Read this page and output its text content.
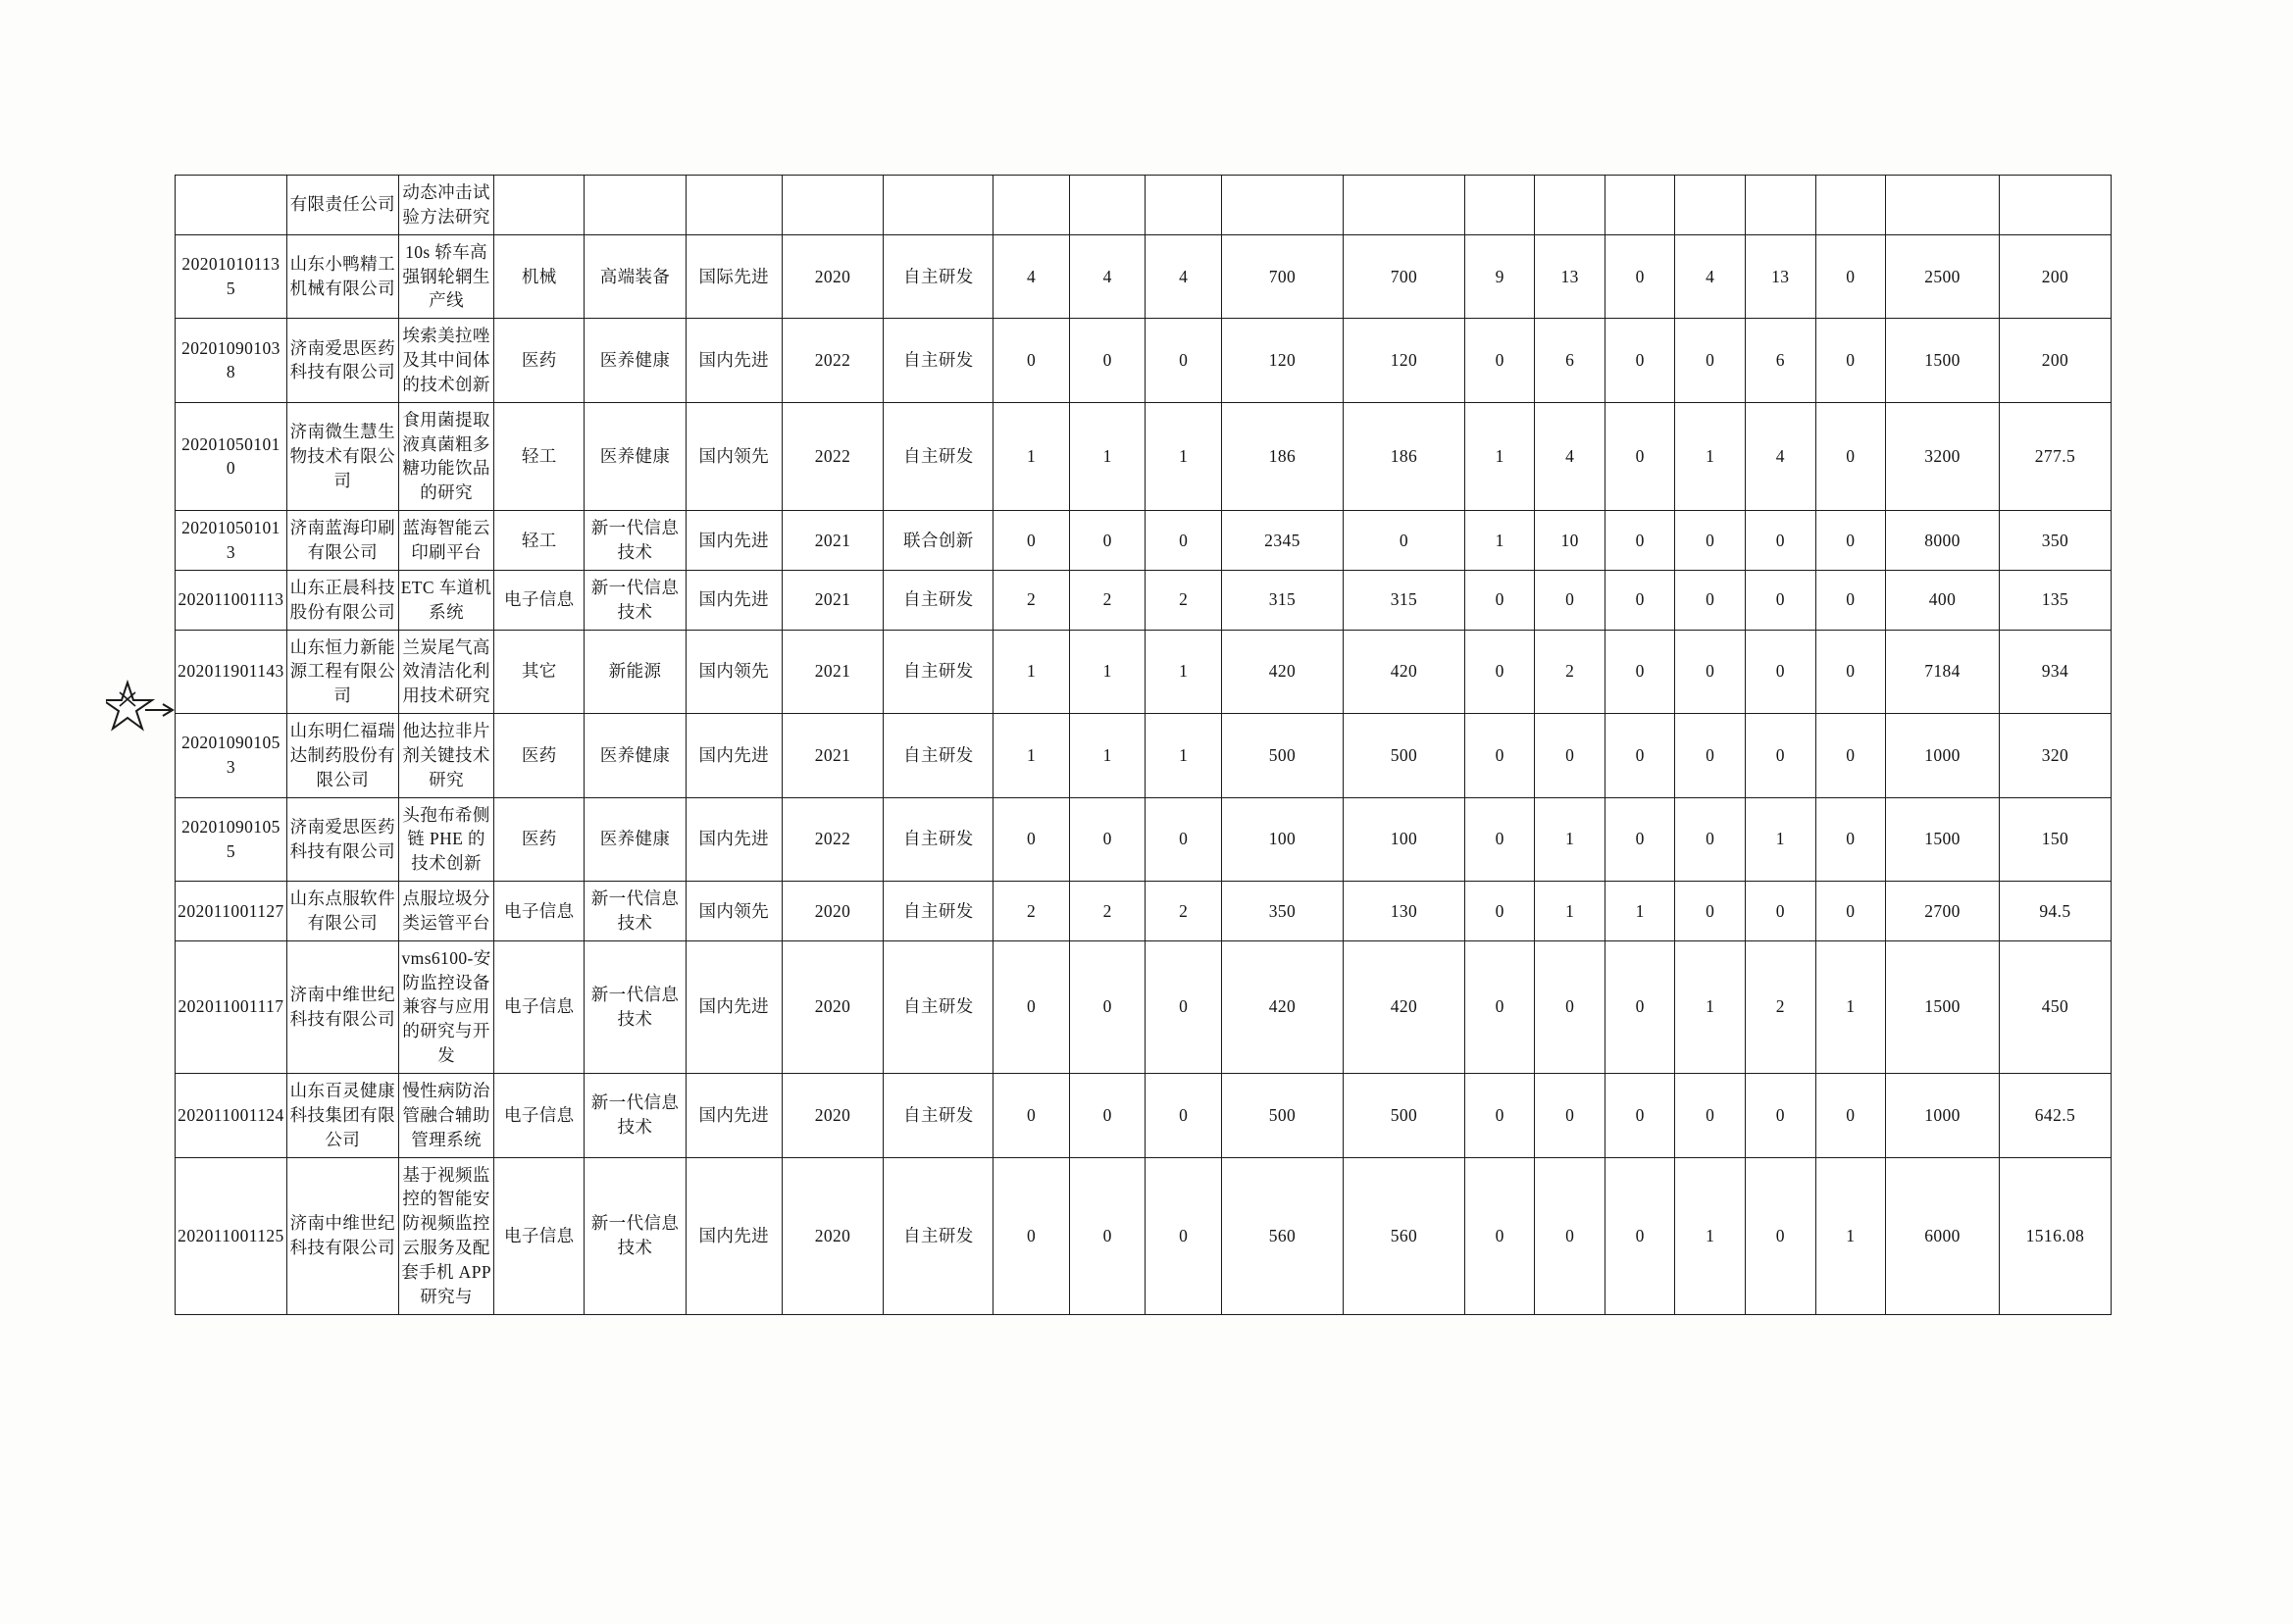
	有限责任公司	动态冲击试验方法研究																		
202010101135	山东小鸭精工机械有限公司	10s 轿车高强钢轮辋生产线	机械	高端装备	国际先进	2020	自主研发	4	4	4	700	700	9	13	0	4	13	0	2500	200
202010901038	济南爱思医药科技有限公司	埃索美拉唑及其中间体的技术创新	医药	医养健康	国内先进	2022	自主研发	0	0	0	120	120	0	6	0	0	6	0	1500	200
202010501010	济南微生慧生物技术有限公司	食用菌提取液真菌粗多糖功能饮品的研究	轻工	医养健康	国内领先	2022	自主研发	1	1	1	186	186	1	4	0	1	4	0	3200	277.5
202010501013	济南蓝海印刷有限公司	蓝海智能云印刷平台	轻工	新一代信息技术	国内先进	2021	联合创新	0	0	0	2345	0	1	10	0	0	0	0	8000	350
202011001113	山东正晨科技股份有限公司	ETC 车道机系统	电子信息	新一代信息技术	国内先进	2021	自主研发	2	2	2	315	315	0	0	0	0	0	0	400	135
202011901143	山东恒力新能源工程有限公司	兰炭尾气高效清洁化利用技术研究	其它	新能源	国内领先	2021	自主研发	1	1	1	420	420	0	2	0	0	0	0	7184	934
202010901053	山东明仁福瑞达制药股份有限公司	他达拉非片剂关键技术研究	医药	医养健康	国内先进	2021	自主研发	1	1	1	500	500	0	0	0	0	0	0	1000	320
202010901055	济南爱思医药科技有限公司	头孢布希侧链 PHE 的技术创新	医药	医养健康	国内先进	2022	自主研发	0	0	0	100	100	0	1	0	0	1	0	1500	150
202011001127	山东点服软件有限公司	点服垃圾分类运管平台	电子信息	新一代信息技术	国内领先	2020	自主研发	2	2	2	350	130	0	1	1	0	0	0	2700	94.5
202011001117	济南中维世纪科技有限公司	vms6100-安防监控设备兼容与应用的研究与开发	电子信息	新一代信息技术	国内先进	2020	自主研发	0	0	0	420	420	0	0	0	1	2	1	1500	450
202011001124	山东百灵健康科技集团有限公司	慢性病防治管融合辅助管理系统	电子信息	新一代信息技术	国内先进	2020	自主研发	0	0	0	500	500	0	0	0	0	0	0	1000	642.5
202011001125	济南中维世纪科技有限公司	基于视频监控的智能安防视频监控云服务及配套手机 APP 研究与	电子信息	新一代信息技术	国内先进	2020	自主研发	0	0	0	560	560	0	0	0	1	0	1	6000	1516.08
